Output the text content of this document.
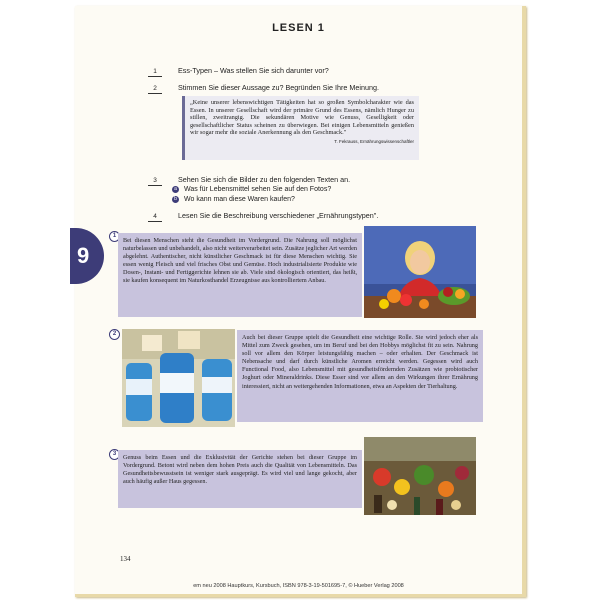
LESEN 1
1	Ess-Typen – Was stellen Sie sich darunter vor?
2	Stimmen Sie dieser Aussage zu? Begründen Sie Ihre Meinung.

„Keine unserer lebenswichtigen Tätigkeiten hat so großen Symbolcharakter wie das Essen. In unserer Gesellschaft wird der primäre Grund des Essens, nämlich Hunger zu stillen, zweitrangig. Die sekundären Motive wie Genuss, Geselligkeit oder gesellschaftlicher Status scheinen zu überwiegen. Bei einigen Lebensmitteln genießen wir sogar mehr die soziale Anerkennung als den Geschmack."

T. Fekrauss, Ernährungswissenschaftler
3	Sehen Sie sich die Bilder zu den folgenden Texten an.
a Was für Lebensmittel sehen Sie auf den Fotos?
b Wo kann man diese Waren kaufen?
4	Lesen Sie die Beschreibung verschiedener „Ernährungstypen".
9
1
Bei diesen Menschen steht die Gesundheit im Vordergrund. Die Nahrung soll möglichst naturbelassen und unbehandelt, also nicht weiterverarbeitet sein. Zusätze jeglicher Art werden abgelehnt. Authentischer, nicht künstlicher Geschmack ist für diese Menschen wichtig. Sie essen wenig Fleisch und viel frisches Obst und Gemüse. Hoch industrialisierte Produkte wie Dosen-, Instant- und Fertiggerichte lehnen sie ab. Viele sind ökologisch orientiert, das heißt, sie kaufen konsequent im Naturkosthandel Erzeugnisse aus kontrolliertem Anbau.
2	Auch bei dieser Gruppe spielt die Gesundheit eine wichtige Rolle. Sie wird jedoch eher als Mittel zum Zweck gesehen, um im Beruf und bei den Hobbys möglichst fit zu sein. Nahrung soll vor allem den Körper leistungsfähig machen – oder erhalten. Der Geschmack ist Nebensache und darf durch künstliche Aromen erreicht werden. Gegessen wird auch Functional Food, also Lebensmittel mit gesundheitsfördernden Zusätzen wie probiotischer Joghurt oder Mineraldrinks. Diese Esser sind vor allem an den Wirkungen ihrer Ernährung interessiert, nicht an weitergehenden Informationen, etwa an Aspekten der Tierhaltung.
3	Genuss beim Essen und die Exklusivität der Gerichte stehen bei dieser Gruppe im Vordergrund. Betont wird neben dem hohen Preis auch die Qualität von Lebensmitteln. Das Gesundheitsbewusstsein ist weniger stark ausgeprägt. Es wird viel und lange gekocht, aber auch häufig außer Haus gegessen.
134
em neu 2008 Hauptkurs, Kursbuch, ISBN 978-3-19-501695-7, © Hueber Verlag 2008
